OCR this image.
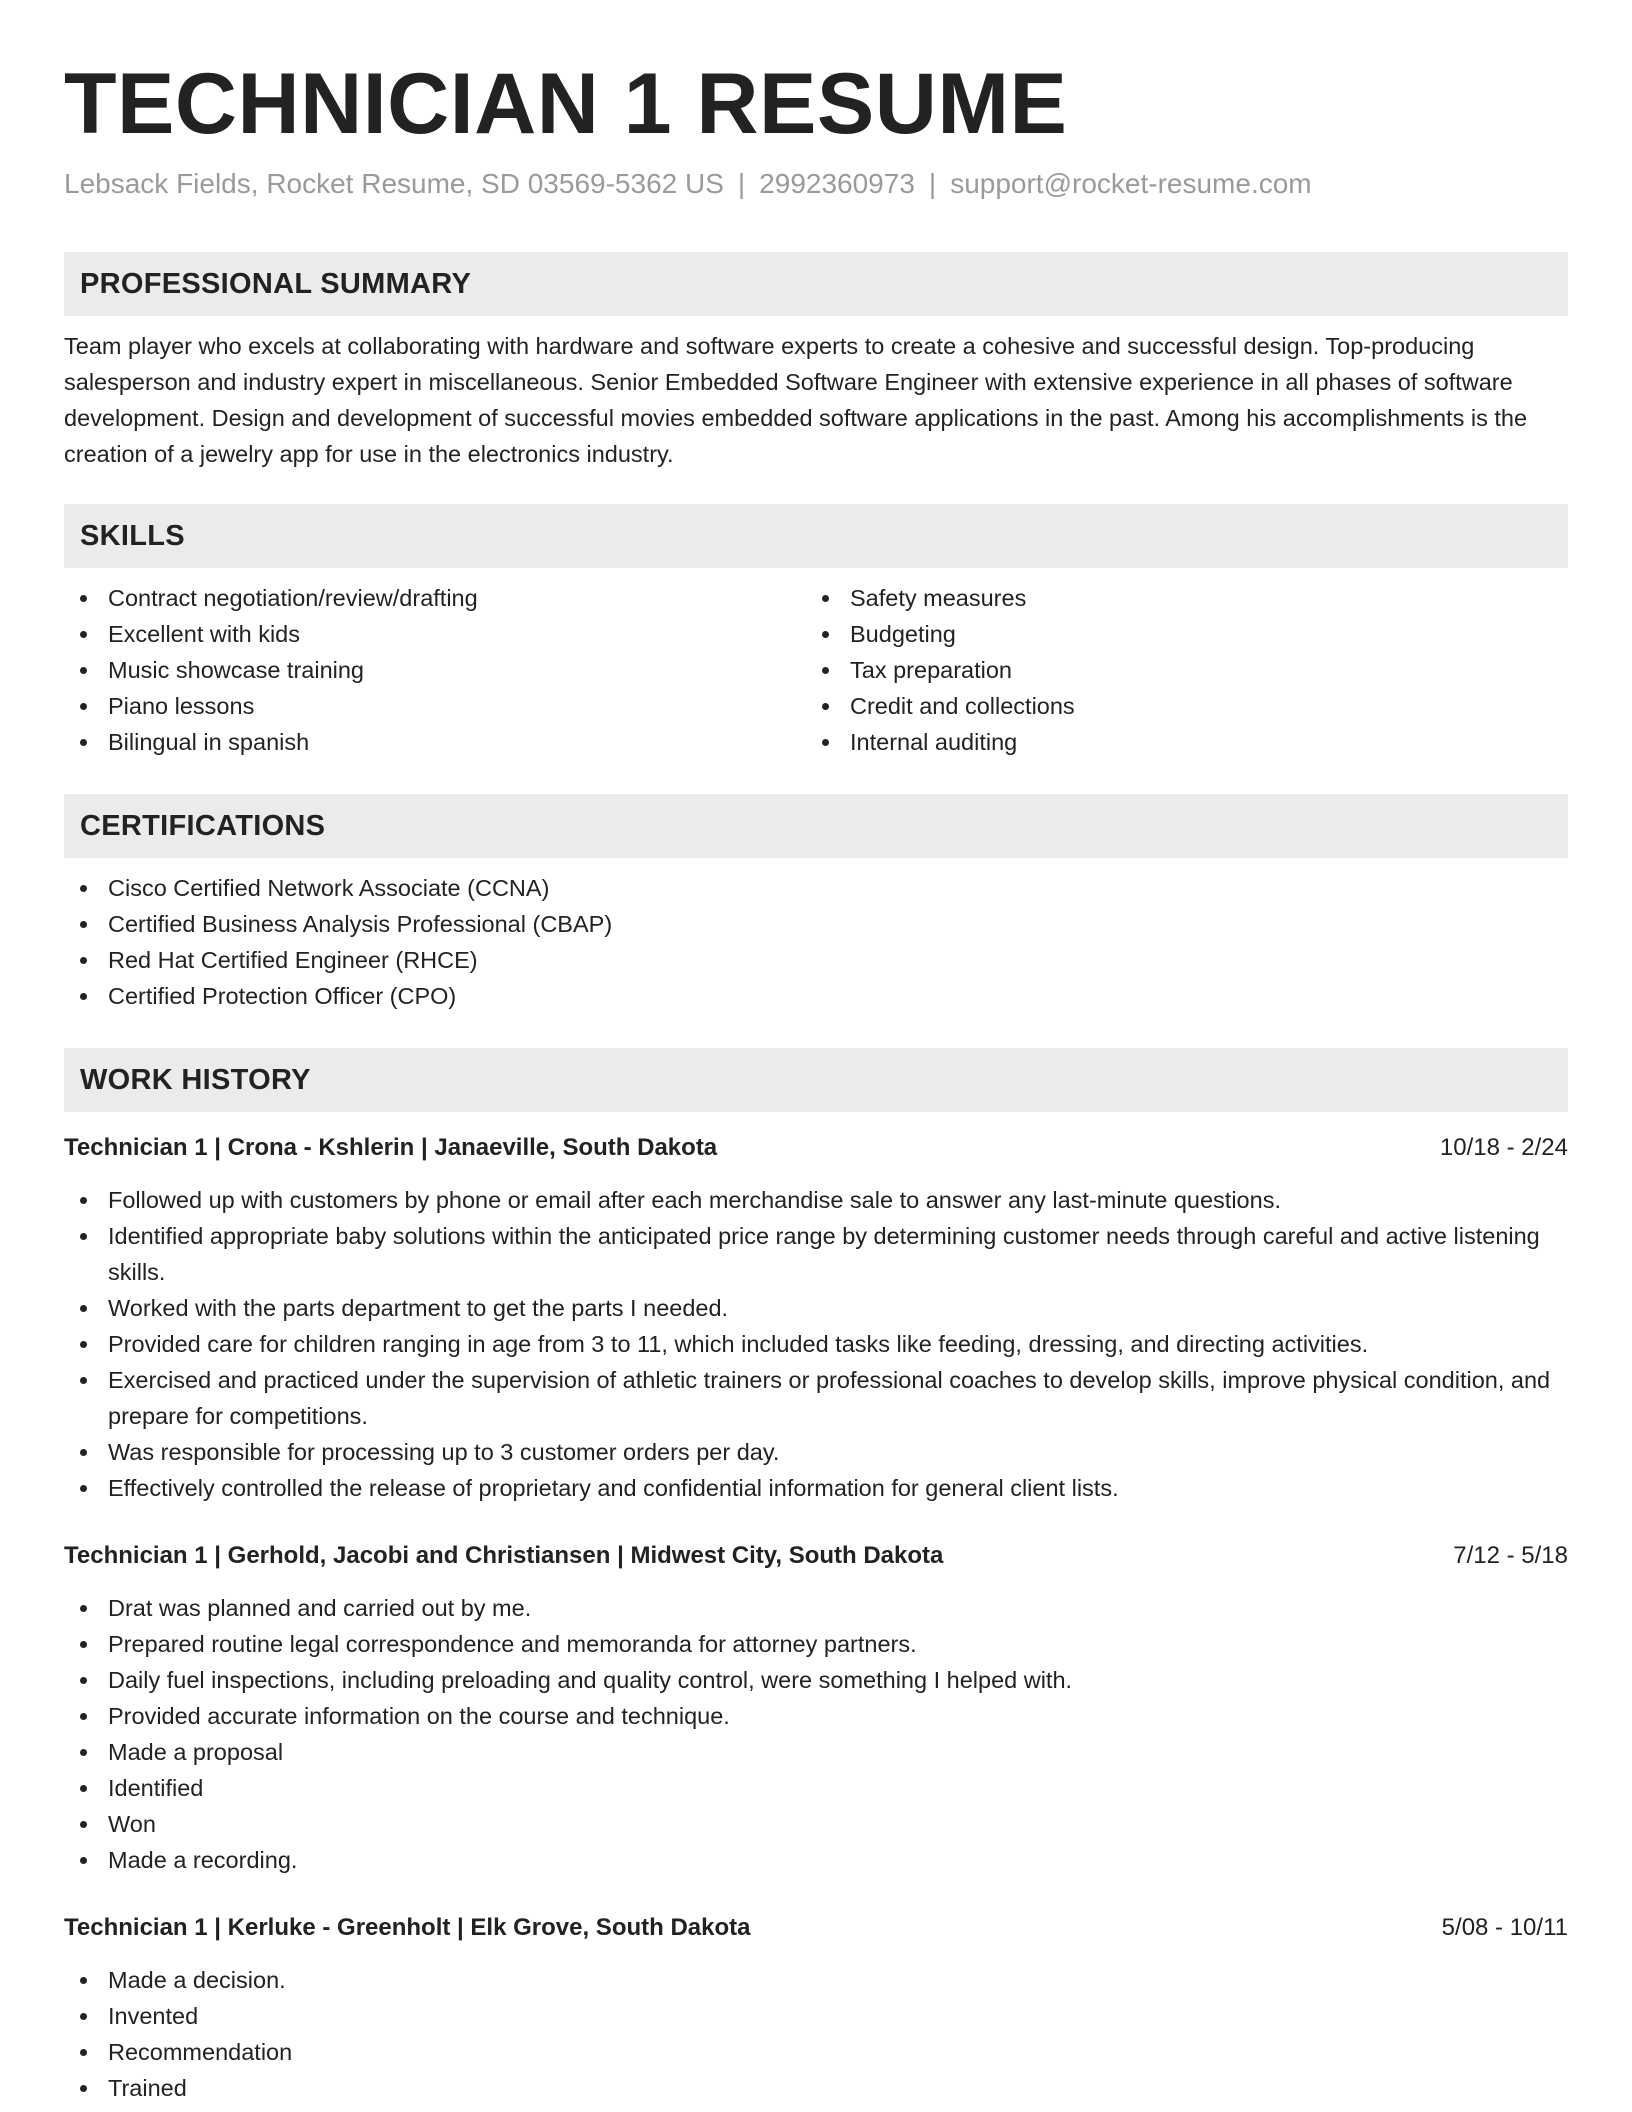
TECHNICIAN 1 RESUME
Lebsack Fields, Rocket Resume, SD 03569-5362 US | 2992360973 | support@rocket-resume.com
PROFESSIONAL SUMMARY

Team player who excels at collaborating with hardware and software experts to create a cohesive and successful design. Top-producing salesperson and industry expert in miscellaneous. Senior Embedded Software Engineer with extensive experience in all phases of software development. Design and development of successful movies embedded software applications in the past. Among his accomplishments is the creation of a jewelry app for use in the electronics industry.

SKILLS
Contract negotiation/review/drafting
Excellent with kids
Music showcase training
Piano lessons
Bilingual in spanish
Safety measures
Budgeting
Tax preparation
Credit and collections
Internal auditing
CERTIFICATIONS
Cisco Certified Network Associate (CCNA)
Certified Business Analysis Professional (CBAP)
Red Hat Certified Engineer (RHCE)
Certified Protection Officer (CPO)
WORK HISTORY
Technician 1 | Crona - Kshlerin | Janaeville, South Dakota	10/18 - 2/24
Followed up with customers by phone or email after each merchandise sale to answer any last-minute questions.
Identified appropriate baby solutions within the anticipated price range by determining customer needs through careful and active listening skills.
Worked with the parts department to get the parts I needed.
Provided care for children ranging in age from 3 to 11, which included tasks like feeding, dressing, and directing activities.
Exercised and practiced under the supervision of athletic trainers or professional coaches to develop skills, improve physical condition, and prepare for competitions.
Was responsible for processing up to 3 customer orders per day.
Effectively controlled the release of proprietary and confidential information for general client lists.
Technician 1 | Gerhold, Jacobi and Christiansen | Midwest City, South Dakota	7/12 - 5/18
Drat was planned and carried out by me.
Prepared routine legal correspondence and memoranda for attorney partners.
Daily fuel inspections, including preloading and quality control, were something I helped with.
Provided accurate information on the course and technique.
Made a proposal
Identified
Won
Made a recording.
Technician 1 | Kerluke - Greenholt | Elk Grove, South Dakota	5/08 - 10/11
Made a decision.
Invented
Recommendation
Trained
